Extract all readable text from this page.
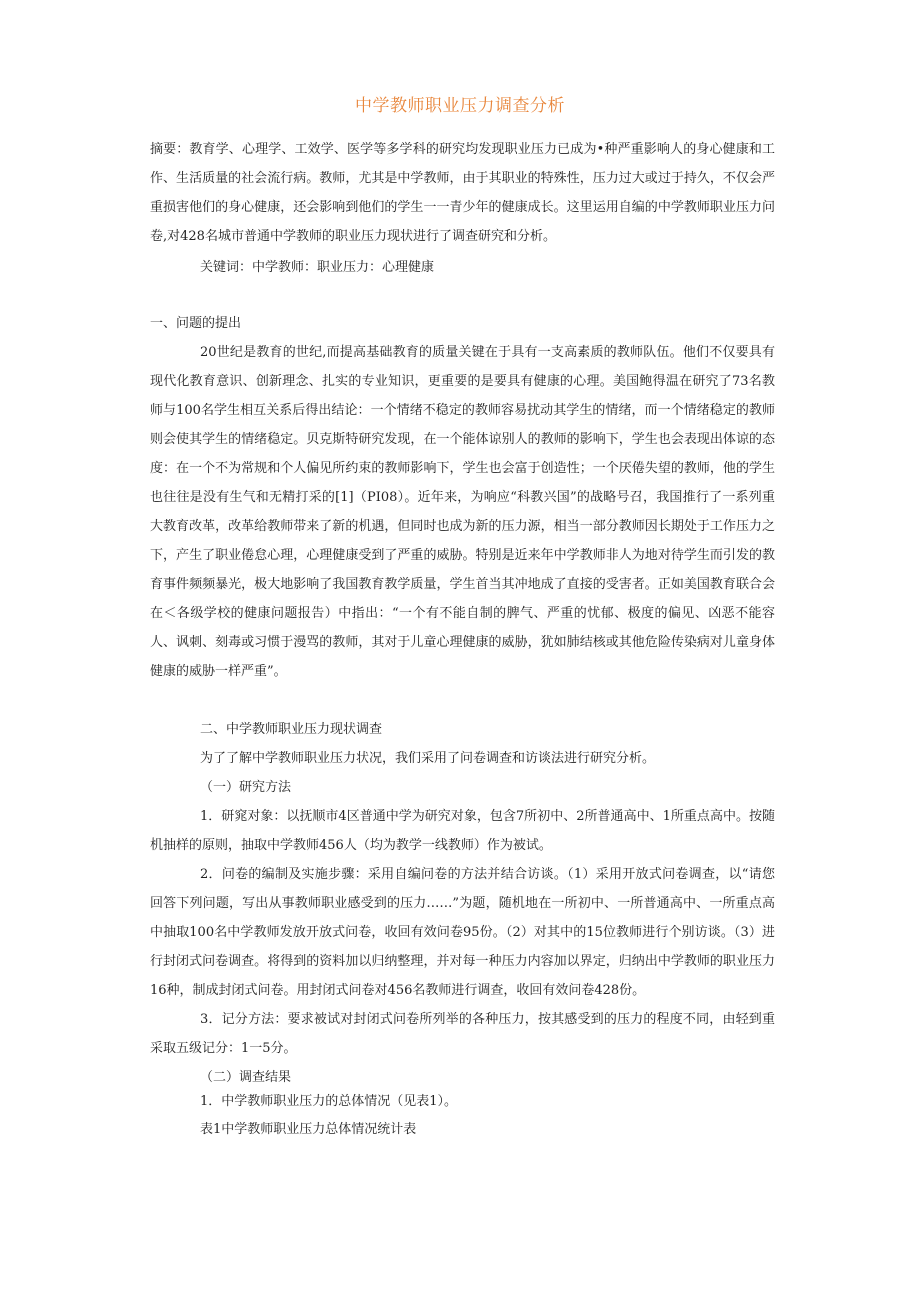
中学教师职业压力调查分析

摘要：教育学、心理学、工效学、医学等多学科的研究均发现职业压力已成为•种严重影响人的身心健康和工作、生活质量的社会流行病。教师，尤其是中学教师，由于其职业的特殊性，压力过大或过于持久，不仅会严重损害他们的身心健康，还会影响到他们的学生一一青少年的健康成长。这里运用自编的中学教师职业压力问卷,对428名城市普通中学教师的职业压力现状进行了调查研究和分析。

关键词：中学教师：职业压力：心理健康

一、问题的提出

20世纪是教育的世纪,而提高基础教育的质量关键在于具有一支高素质的教师队伍。他们不仅要具有现代化教育意识、创新理念、扎实的专业知识，更重要的是要具有健康的心理。美国鲍得温在研究了73名教师与100名学生相互关系后得出结论：一个情绪不稳定的教师容易扰动其学生的情绪，而一个情绪稳定的教师则会使其学生的情绪稳定。贝克斯特研究发现，在一个能体谅别人的教师的影响下，学生也会表现出体谅的态度：在一个不为常规和个人偏见所约束的教师影响下，学生也会富于创造性；一个厌倦失望的教师，他的学生也往往是没有生气和无精打采的[1]（PI08）。近年来，为响应“科教兴国”的战略号召，我国推行了一系列重大教育改革，改革给教师带来了新的机遇，但同时也成为新的压力源，相当一部分教师因长期处于工作压力之下，产生了职业倦怠心理，心理健康受到了严重的威胁。特别是近来年中学教师非人为地对待学生而引发的教育事件频频暴光，极大地影响了我国教育教学质量，学生首当其冲地成了直接的受害者。正如美国教育联合会在＜各级学校的健康问题报告）中指出：“一个有不能自制的脾气、严重的忧郁、极度的偏见、凶恶不能容人、讽刺、刻毒或习惯于漫骂的教师，其对于儿童心理健康的威胁，犹如肺结核或其他危险传染病对儿童身体健康的威胁一样严重”。

二、中学教师职业压力现状调查

为了了解中学教师职业压力状况，我们采用了问卷调查和访谈法进行研究分析。

（一）研究方法

1．研窕对象：以抚顺市4区普通中学为研究对象，包含7所初中、2所普通高中、1所重点高中。按随机抽样的原则，抽取中学教师456人（均为教学一线教师）作为被试。

2．问卷的编制及实施步骤：采用自编问卷的方法并结合访谈。（1）采用开放式问卷调查，以“请您回答下列问题，写出从事教师职业感受到的压力……”为题，随机地在一所初中、一所普通高中、一所重点高中抽取100名中学教师发放开放式问卷，收回有效问卷95份。（2）对其中的15位教师进行个别访谈。（3）进行封闭式问卷调查。将得到的资料加以归纳整理，并对每一种压力内容加以界定，归纳出中学教师的职业压力16种，制成封闭式问卷。用封闭式问卷对456名教师进行调查，收回有效问卷428份。

3．记分方法：要求被试对封闭式问卷所列举的各种压力，按其感受到的压力的程度不同，由轻到重采取五级记分：1一5分。

（二）调查结果

1．中学教师职业压力的总体情况（见表1）。

表1中学教师职业压力总体情况统计表
